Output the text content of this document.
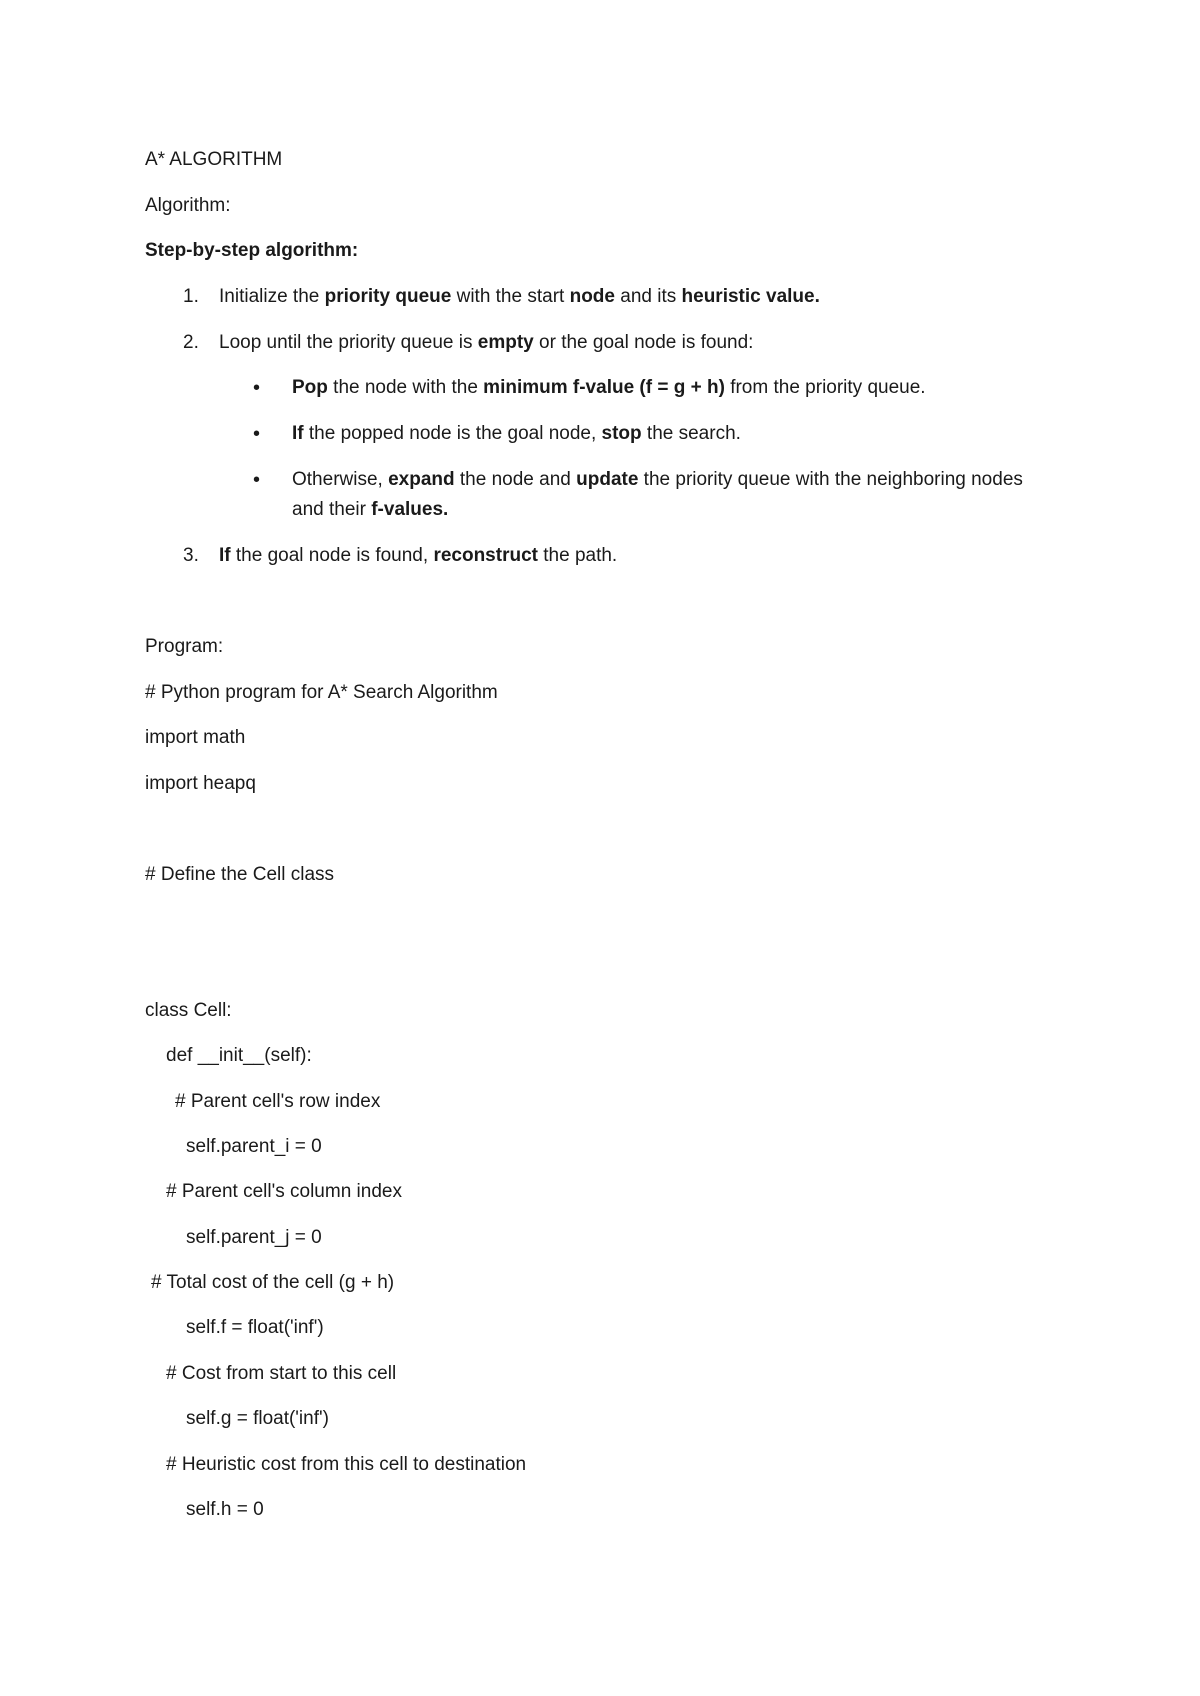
A* ALGORITHM

Algorithm:

Step-by-step algorithm:

1. Initialize the priority queue with the start node and its heuristic value.

2. Loop until the priority queue is empty or the goal node is found:

• Pop the node with the minimum f-value (f = g + h) from the priority queue.

• If the popped node is the goal node, stop the search.

• Otherwise, expand the node and update the priority queue with the neighboring nodes and their f-values.

3. If the goal node is found, reconstruct the path.

Program:

# Python program for A* Search Algorithm

import math

import heapq

# Define the Cell class

class Cell:

def __init__(self):

# Parent cell's row index

self.parent_i = 0

# Parent cell's column index

self.parent_j = 0

# Total cost of the cell (g + h)

self.f = float('inf')

# Cost from start to this cell

self.g = float('inf')

# Heuristic cost from this cell to destination

self.h = 0
